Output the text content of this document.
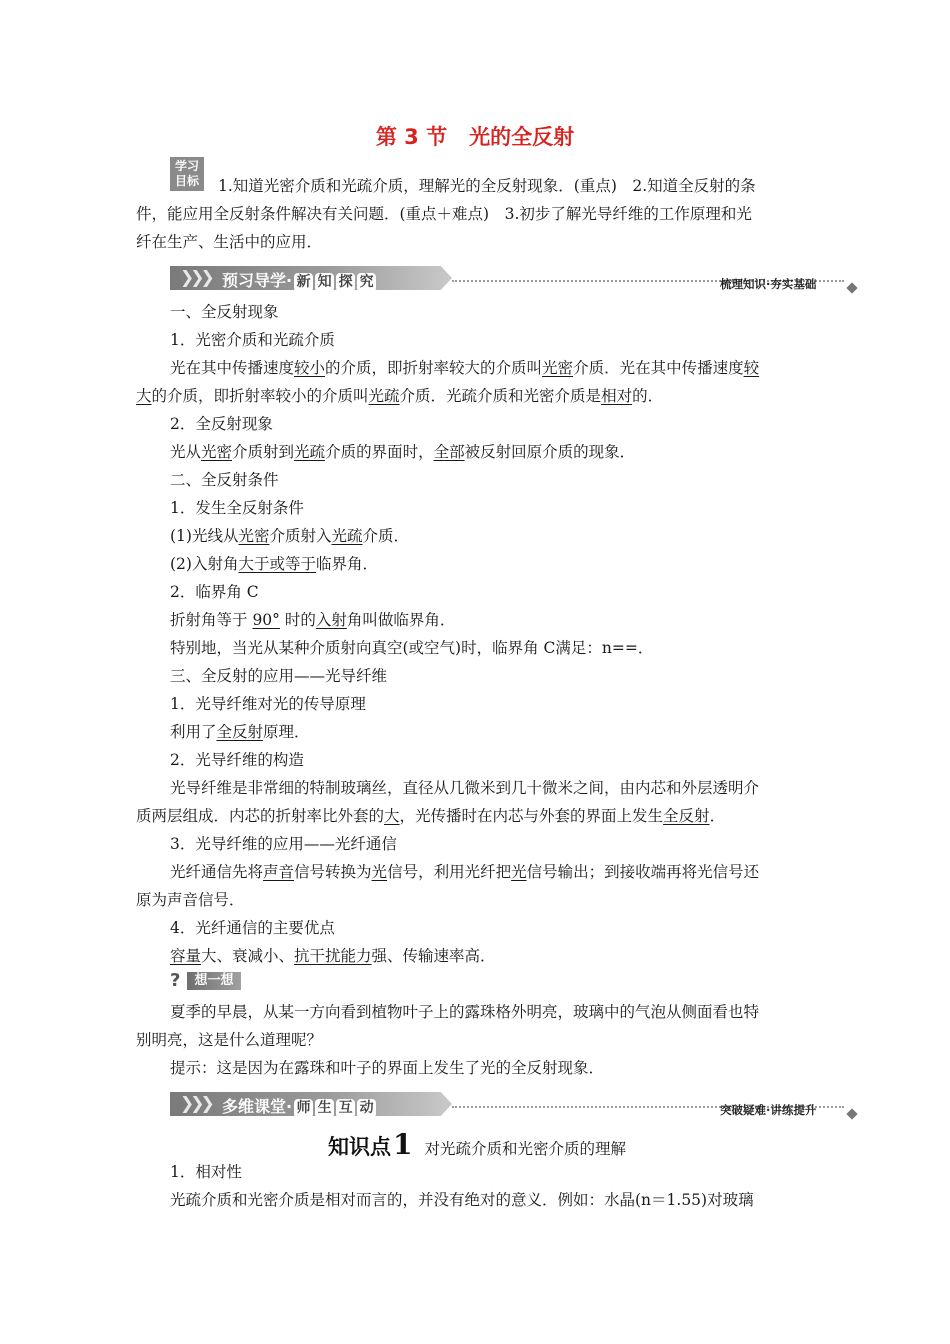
第 3 节 光的全反射
学习
目标	1.知道光密介质和光疏介质，理解光的全反射现象．(重点)　2.知道全反射的条
件，能应用全反射条件解决有关问题．(重点＋难点)　3.初步了解光导纤维的工作原理和光
纤在生产、生活中的应用．
❯❯❯ 预习导学· 新 知 探 究	梳理知识·夯实基础
一、全反射现象
1．光密介质和光疏介质
光在其中传播速度较小的介质，即折射率较大的介质叫光密介质．光在其中传播速度较
大的介质，即折射率较小的介质叫光疏介质．光疏介质和光密介质是相对的．
2．全反射现象
光从光密介质射到光疏介质的界面时，全部被反射回原介质的现象．
二、全反射条件
1．发生全反射条件
(1)光线从光密介质射入光疏介质．
(2)入射角大于或等于临界角．
2．临界角 C
折射角等于 90° 时的入射角叫做临界角．
特别地，当光从某种介质射向真空(或空气)时，临界角 C满足：n==．
三、全反射的应用——光导纤维
1．光导纤维对光的传导原理
利用了全反射原理．
2．光导纤维的构造
光导纤维是非常细的特制玻璃丝，直径从几微米到几十微米之间，由内芯和外层透明介
质两层组成．内芯的折射率比外套的大，光传播时在内芯与外套的界面上发生全反射．
3．光导纤维的应用——光纤通信
光纤通信先将声音信号转换为光信号，利用光纤把光信号输出；到接收端再将光信号还
原为声音信号．
4．光纤通信的主要优点
容量大、衰减小、抗干扰能力强、传输速率高．
?	想一想
夏季的早晨，从某一方向看到植物叶子上的露珠格外明亮，玻璃中的气泡从侧面看也特
别明亮，这是什么道理呢？
提示：这是因为在露珠和叶子的界面上发生了光的全反射现象．
❯❯❯ 多维课堂· 师 生 互 动	突破疑难·讲练提升
知识点1 对光疏介质和光密介质的理解
1．相对性
光疏介质和光密介质是相对而言的，并没有绝对的意义．例如：水晶(n＝1.55)对玻璃
